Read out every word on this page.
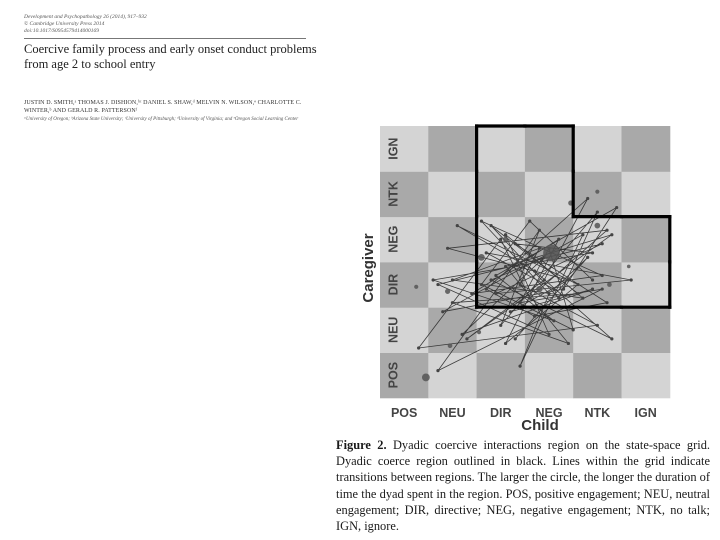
Development and Psychopathology 26 (2014), 917–932
© Cambridge University Press 2014
doi:10.1017/S0954579414000169
Coercive family process and early onset conduct problems from age 2 to school entry
JUSTIN D. SMITH,ᵃ THOMAS J. DISHION,ᵇᶜ DANIEL S. SHAW,ᵈ MELVIN N. WILSON,ᵉ CHARLOTTE C. WINTER,ᵇ AND GERALD R. PATTERSONᶠ
ᵃUniversity of Oregon; ᵇArizona State University; ᶜUniversity of Pittsburgh; ᵈUniversity of Virginia; and ᵉOregon Social Learning Center
POS NEU DIR NEG NTK IGN
POS
NEU
DIR
NEG
NTK
IGN
Child
Caregiver
Figure 2. Dyadic coercive interactions region on the state-space grid. Dyadic coerce region outlined in black. Lines within the grid indicate transitions between regions. The larger the circle, the longer the duration of time the dyad spent in the region. POS, positive engagement; NEU, neutral engagement; DIR, directive; NEG, negative engagement; NTK, no talk; IGN, ignore.
